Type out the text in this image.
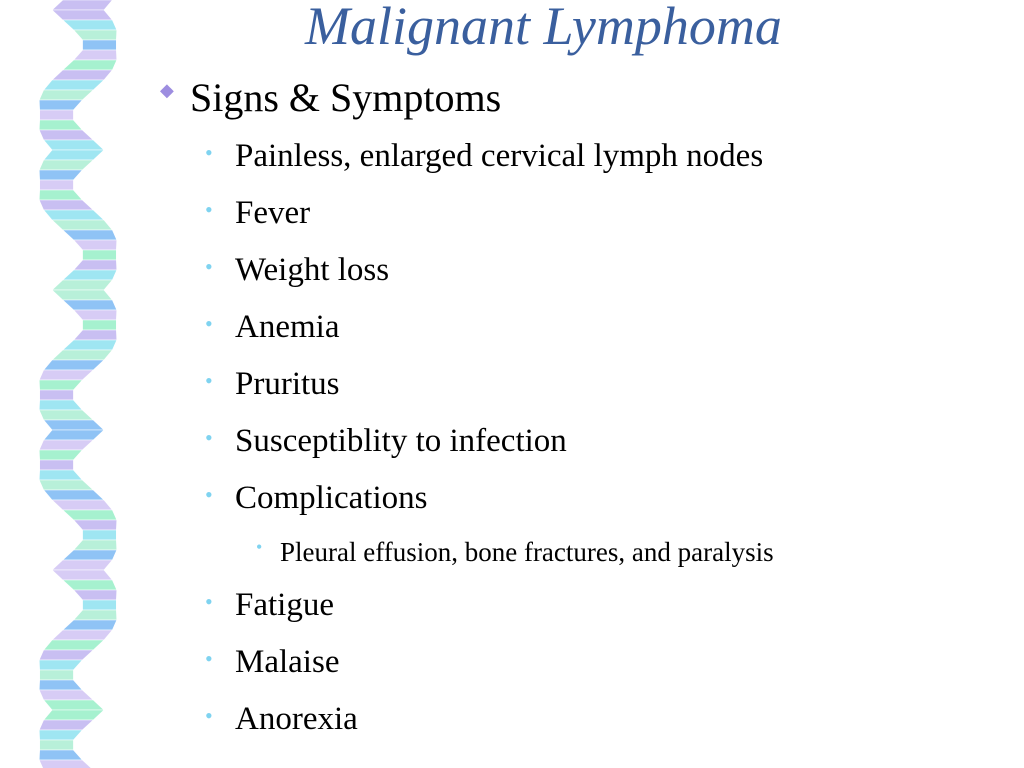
Malignant Lymphoma
◆ Signs & Symptoms
• Painless, enlarged cervical lymph nodes
• Fever
• Weight loss
• Anemia
• Pruritus
• Susceptiblity to infection
• Complications
• Pleural effusion, bone fractures, and paralysis
• Fatigue
• Malaise
• Anorexia
